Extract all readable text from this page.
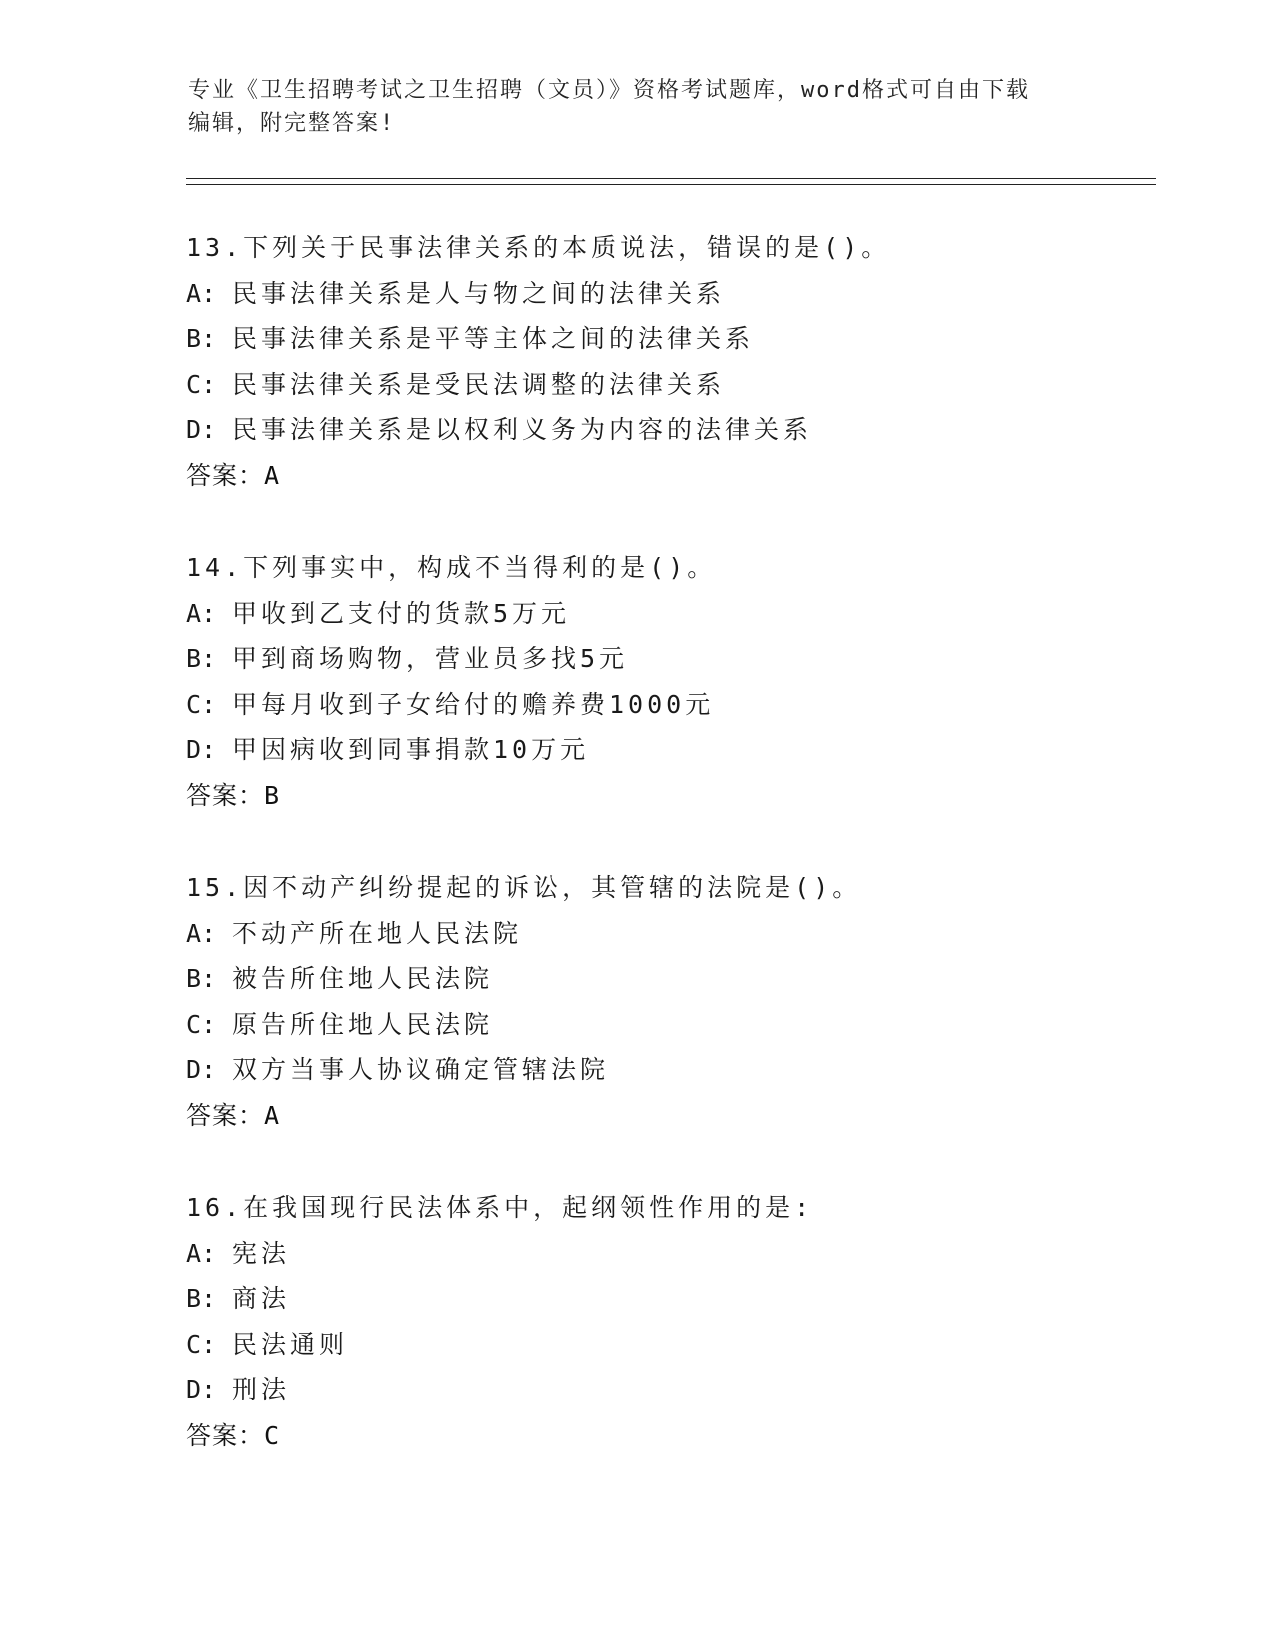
专业《卫生招聘考试之卫生招聘（文员）》资格考试题库，word格式可自由下载
编辑，附完整答案!
13.下列关于民事法律关系的本质说法，错误的是()。
A: 民事法律关系是人与物之间的法律关系
B: 民事法律关系是平等主体之间的法律关系
C: 民事法律关系是受民法调整的法律关系
D: 民事法律关系是以权利义务为内容的法律关系
答案：A
14.下列事实中，构成不当得利的是()。
A: 甲收到乙支付的货款5万元
B: 甲到商场购物，营业员多找5元
C: 甲每月收到子女给付的赡养费1000元
D: 甲因病收到同事捐款10万元
答案：B
15.因不动产纠纷提起的诉讼，其管辖的法院是()。
A: 不动产所在地人民法院
B: 被告所住地人民法院
C: 原告所住地人民法院
D: 双方当事人协议确定管辖法院
答案：A
16.在我国现行民法体系中，起纲领性作用的是:
A: 宪法
B: 商法
C: 民法通则
D: 刑法
答案：C
